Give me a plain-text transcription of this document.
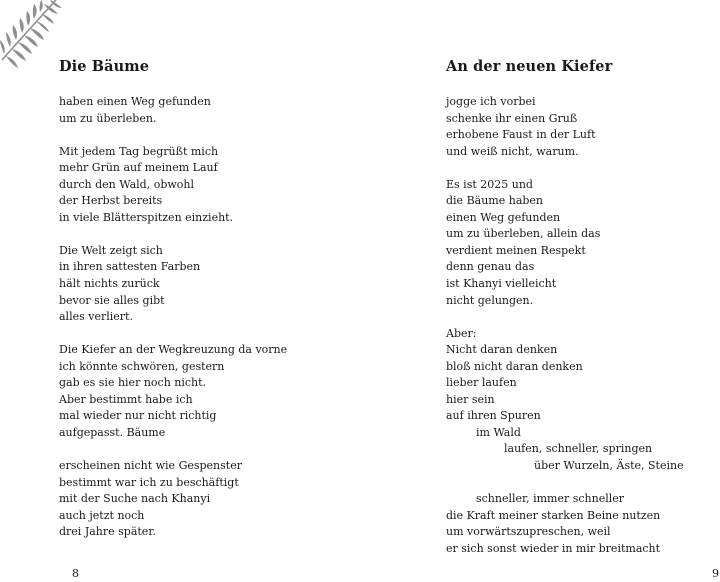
Die Bäume
haben einen Weg gefunden
um zu überleben.
Mit jedem Tag begrüßt mich
mehr Grün auf meinem Lauf
durch den Wald, obwohl
der Herbst bereits
in viele Blätterspitzen einzieht.
Die Welt zeigt sich
in ihren sattesten Farben
hält nichts zurück
bevor sie alles gibt
alles verliert.
Die Kiefer an der Wegkreuzung da vorne
ich könnte schwören, gestern
gab es sie hier noch nicht.
Aber bestimmt habe ich
mal wieder nur nicht richtig
aufgepasst. Bäume
erscheinen nicht wie Gespenster
bestimmt war ich zu beschäftigt
mit der Suche nach Khanyi
auch jetzt noch
drei Jahre später.
8
An der neuen Kiefer
jogge ich vorbei
schenke ihr einen Gruß
erhobene Faust in der Luft
und weiß nicht, warum.
Es ist 2025 und
die Bäume haben
einen Weg gefunden
um zu überleben, allein das
verdient meinen Respekt
denn genau das
ist Khanyi vielleicht
nicht gelungen.
Aber:
Nicht daran denken
bloß nicht daran denken
lieber laufen
hier sein
auf ihren Spuren
im Wald
laufen, schneller, springen
über Wurzeln, Äste, Steine
schneller, immer schneller
die Kraft meiner starken Beine nutzen
um vorwärtszupreschen, weil
er sich sonst wieder in mir breitmacht
9
